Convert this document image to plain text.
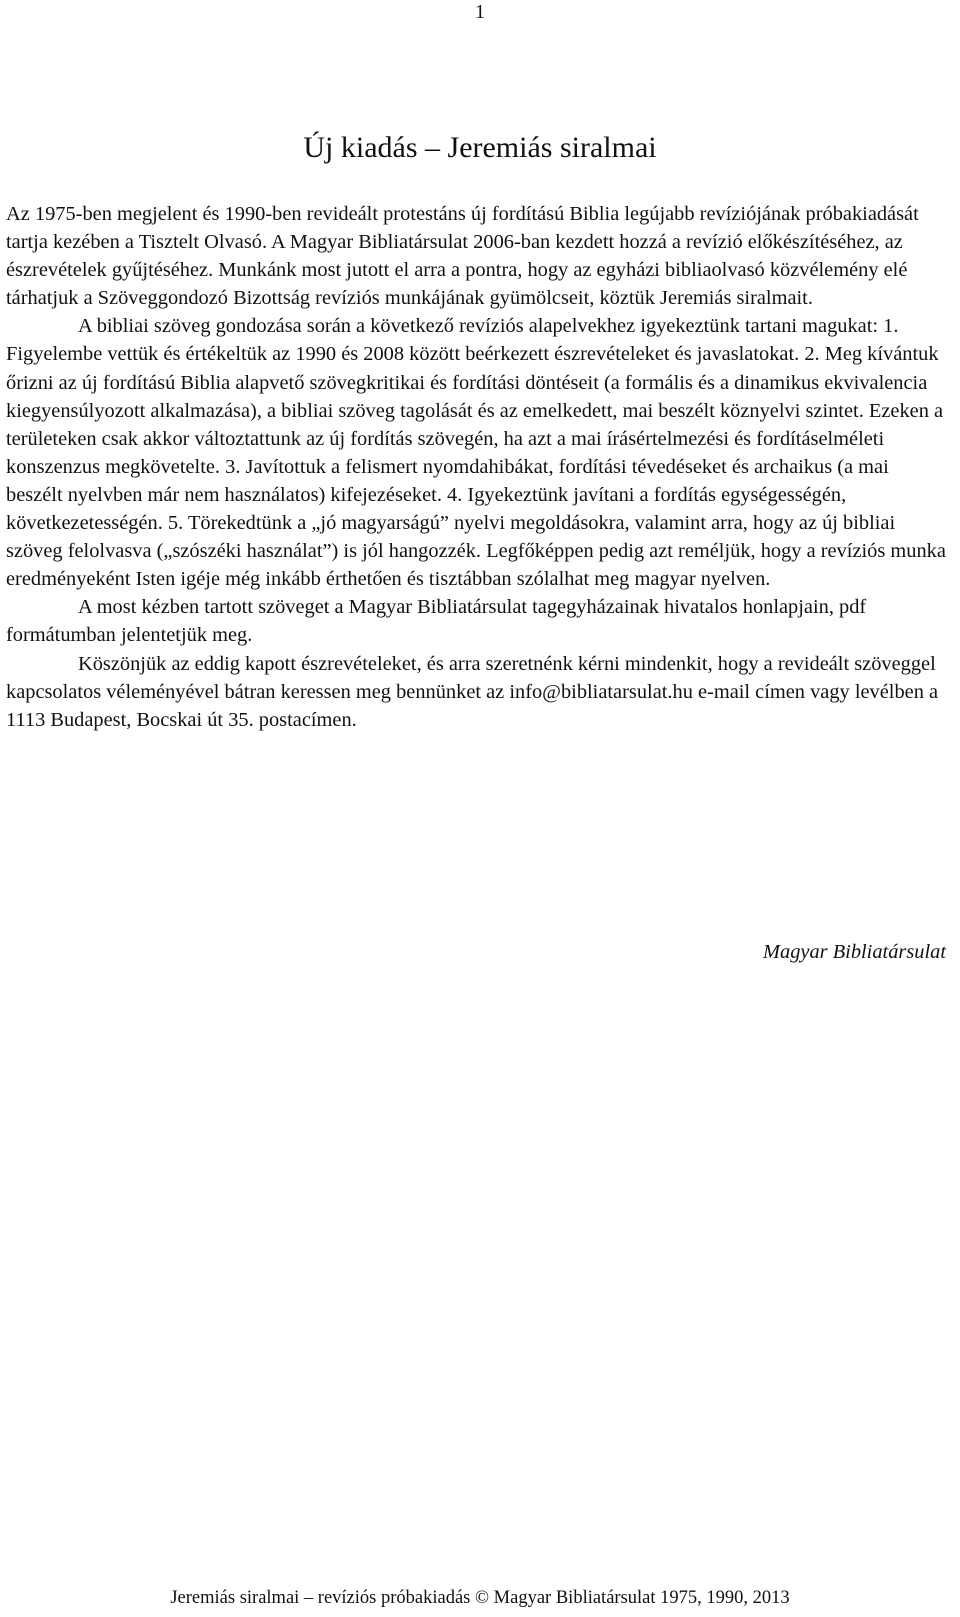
1
Új kiadás – Jeremiás siralmai

Az 1975-ben megjelent és 1990-ben revideált protestáns új fordítású Biblia legújabb revíziójának próbakiadását tartja kezében a Tisztelt Olvasó. A Magyar Bibliatársulat 2006-ban kezdett hozzá a revízió előkészítéséhez, az észrevételek gyűjtéséhez. Munkánk most jutott el arra a pontra, hogy az egyházi bibliaolvasó közvélemény elé tárhatjuk a Szöveggondozó Bizottság revíziós munkájának gyümölcseit, köztük Jeremiás siralmait.

A bibliai szöveg gondozása során a következő revíziós alapelvekhez igyekeztünk tartani magukat: 1. Figyelembe vettük és értékeltük az 1990 és 2008 között beérkezett észrevételeket és javaslatokat. 2. Meg kívántuk őrizni az új fordítású Biblia alapvető szövegkritikai és fordítási döntéseit (a formális és a dinamikus ekvivalencia kiegyensúlyozott alkalmazása), a bibliai szöveg tagolását és az emelkedett, mai beszélt köznyelvi szintet. Ezeken a területeken csak akkor változtattunk az új fordítás szövegén, ha azt a mai írásértelmezési és fordításelméleti konszenzus megkövetelte. 3. Javítottuk a felismert nyomdahibákat, fordítási tévedéseket és archaikus (a mai beszélt nyelvben már nem használatos) kifejezéseket. 4. Igyekeztünk javítani a fordítás egységességén, következetességén. 5. Törekedtünk a „jó magyarságú” nyelvi megoldásokra, valamint arra, hogy az új bibliai szöveg felolvasva („szószéki használat”) is jól hangozzék. Legfőképpen pedig azt reméljük, hogy a revíziós munka eredményeként Isten igéje még inkább érthetően és tisztábban szólalhat meg magyar nyelven.

A most kézben tartott szöveget a Magyar Bibliatársulat tagegyházainak hivatalos honlapjain, pdf formátumban jelentetjük meg.

Köszönjük az eddig kapott észrevételeket, és arra szeretnénk kérni mindenkit, hogy a revideált szöveggel kapcsolatos véleményével bátran keressen meg bennünket az info@bibliatarsulat.hu e-mail címen vagy levélben a 1113 Budapest, Bocskai út 35. postacímen.

Magyar Bibliatársulat
Jeremiás siralmai – revíziós próbakiadás © Magyar Bibliatársulat 1975, 1990, 2013
